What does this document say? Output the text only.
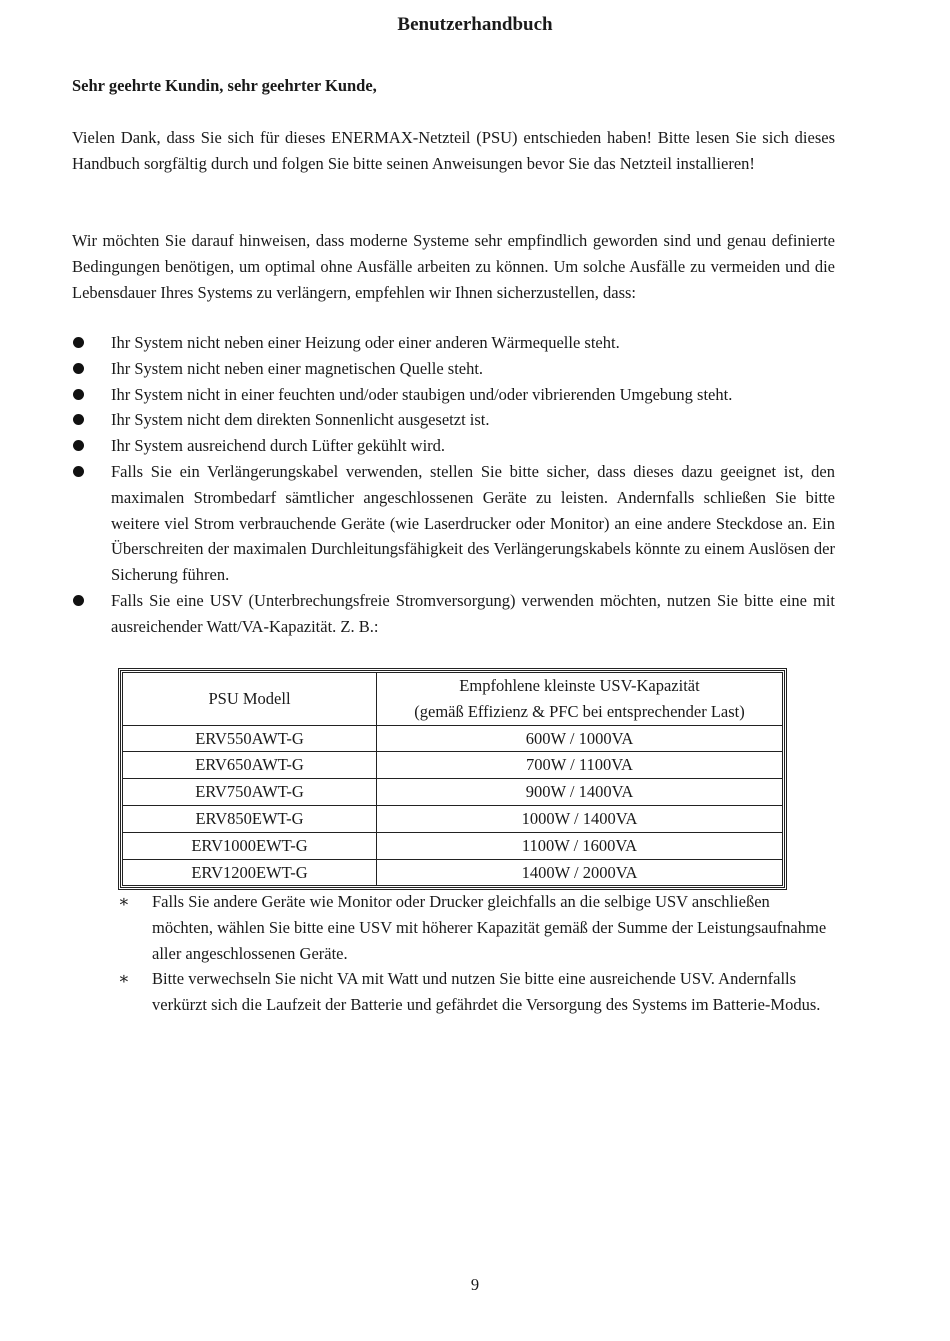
Benutzerhandbuch
Sehr geehrte Kundin, sehr geehrter Kunde,
Vielen Dank, dass Sie sich für dieses ENERMAX-Netzteil (PSU) entschieden haben! Bitte lesen Sie sich dieses Handbuch sorgfältig durch und folgen Sie bitte seinen Anweisungen bevor Sie das Netzteil installieren!
Wir möchten Sie darauf hinweisen, dass moderne Systeme sehr empfindlich geworden sind und genau definierte Bedingungen benötigen, um optimal ohne Ausfälle arbeiten zu können. Um solche Ausfälle zu vermeiden und die Lebensdauer Ihres Systems zu verlängern, empfehlen wir Ihnen sicherzustellen, dass:
Ihr System nicht neben einer Heizung oder einer anderen Wärmequelle steht.
Ihr System nicht neben einer magnetischen Quelle steht.
Ihr System nicht in einer feuchten und/oder staubigen und/oder vibrierenden Umgebung steht.
Ihr System nicht dem direkten Sonnenlicht ausgesetzt ist.
Ihr System ausreichend durch Lüfter gekühlt wird.
Falls Sie ein Verlängerungskabel verwenden, stellen Sie bitte sicher, dass dieses dazu geeignet ist, den maximalen Strombedarf sämtlicher angeschlossenen Geräte zu leisten. Andernfalls schließen Sie bitte weitere viel Strom verbrauchende Geräte (wie Laserdrucker oder Monitor) an eine andere Steckdose an. Ein Überschreiten der maximalen Durchleitungsfähigkeit des Verlängerungskabels könnte zu einem Auslösen der Sicherung führen.
Falls Sie eine USV (Unterbrechungsfreie Stromversorgung) verwenden möchten, nutzen Sie bitte eine mit ausreichender Watt/VA-Kapazität. Z. B.:
PSU Modell	Empfohlene kleinste USV-Kapazität
(gemäß Effizienz & PFC bei entsprechender Last)

ERV550AWT-G	600W / 1000VA
ERV650AWT-G	700W / 1100VA
ERV750AWT-G	900W / 1400VA
ERV850EWT-G	1000W / 1400VA
ERV1000EWT-G	1100W / 1600VA
ERV1200EWT-G	1400W / 2000VA
∗ Falls Sie andere Geräte wie Monitor oder Drucker gleichfalls an die selbige USV anschließen möchten, wählen Sie bitte eine USV mit höherer Kapazität gemäß der Summe der Leistungsaufnahme aller angeschlossenen Geräte.
∗ Bitte verwechseln Sie nicht VA mit Watt und nutzen Sie bitte eine ausreichende USV. Andernfalls verkürzt sich die Laufzeit der Batterie und gefährdet die Versorgung des Systems im Batterie-Modus.
9
